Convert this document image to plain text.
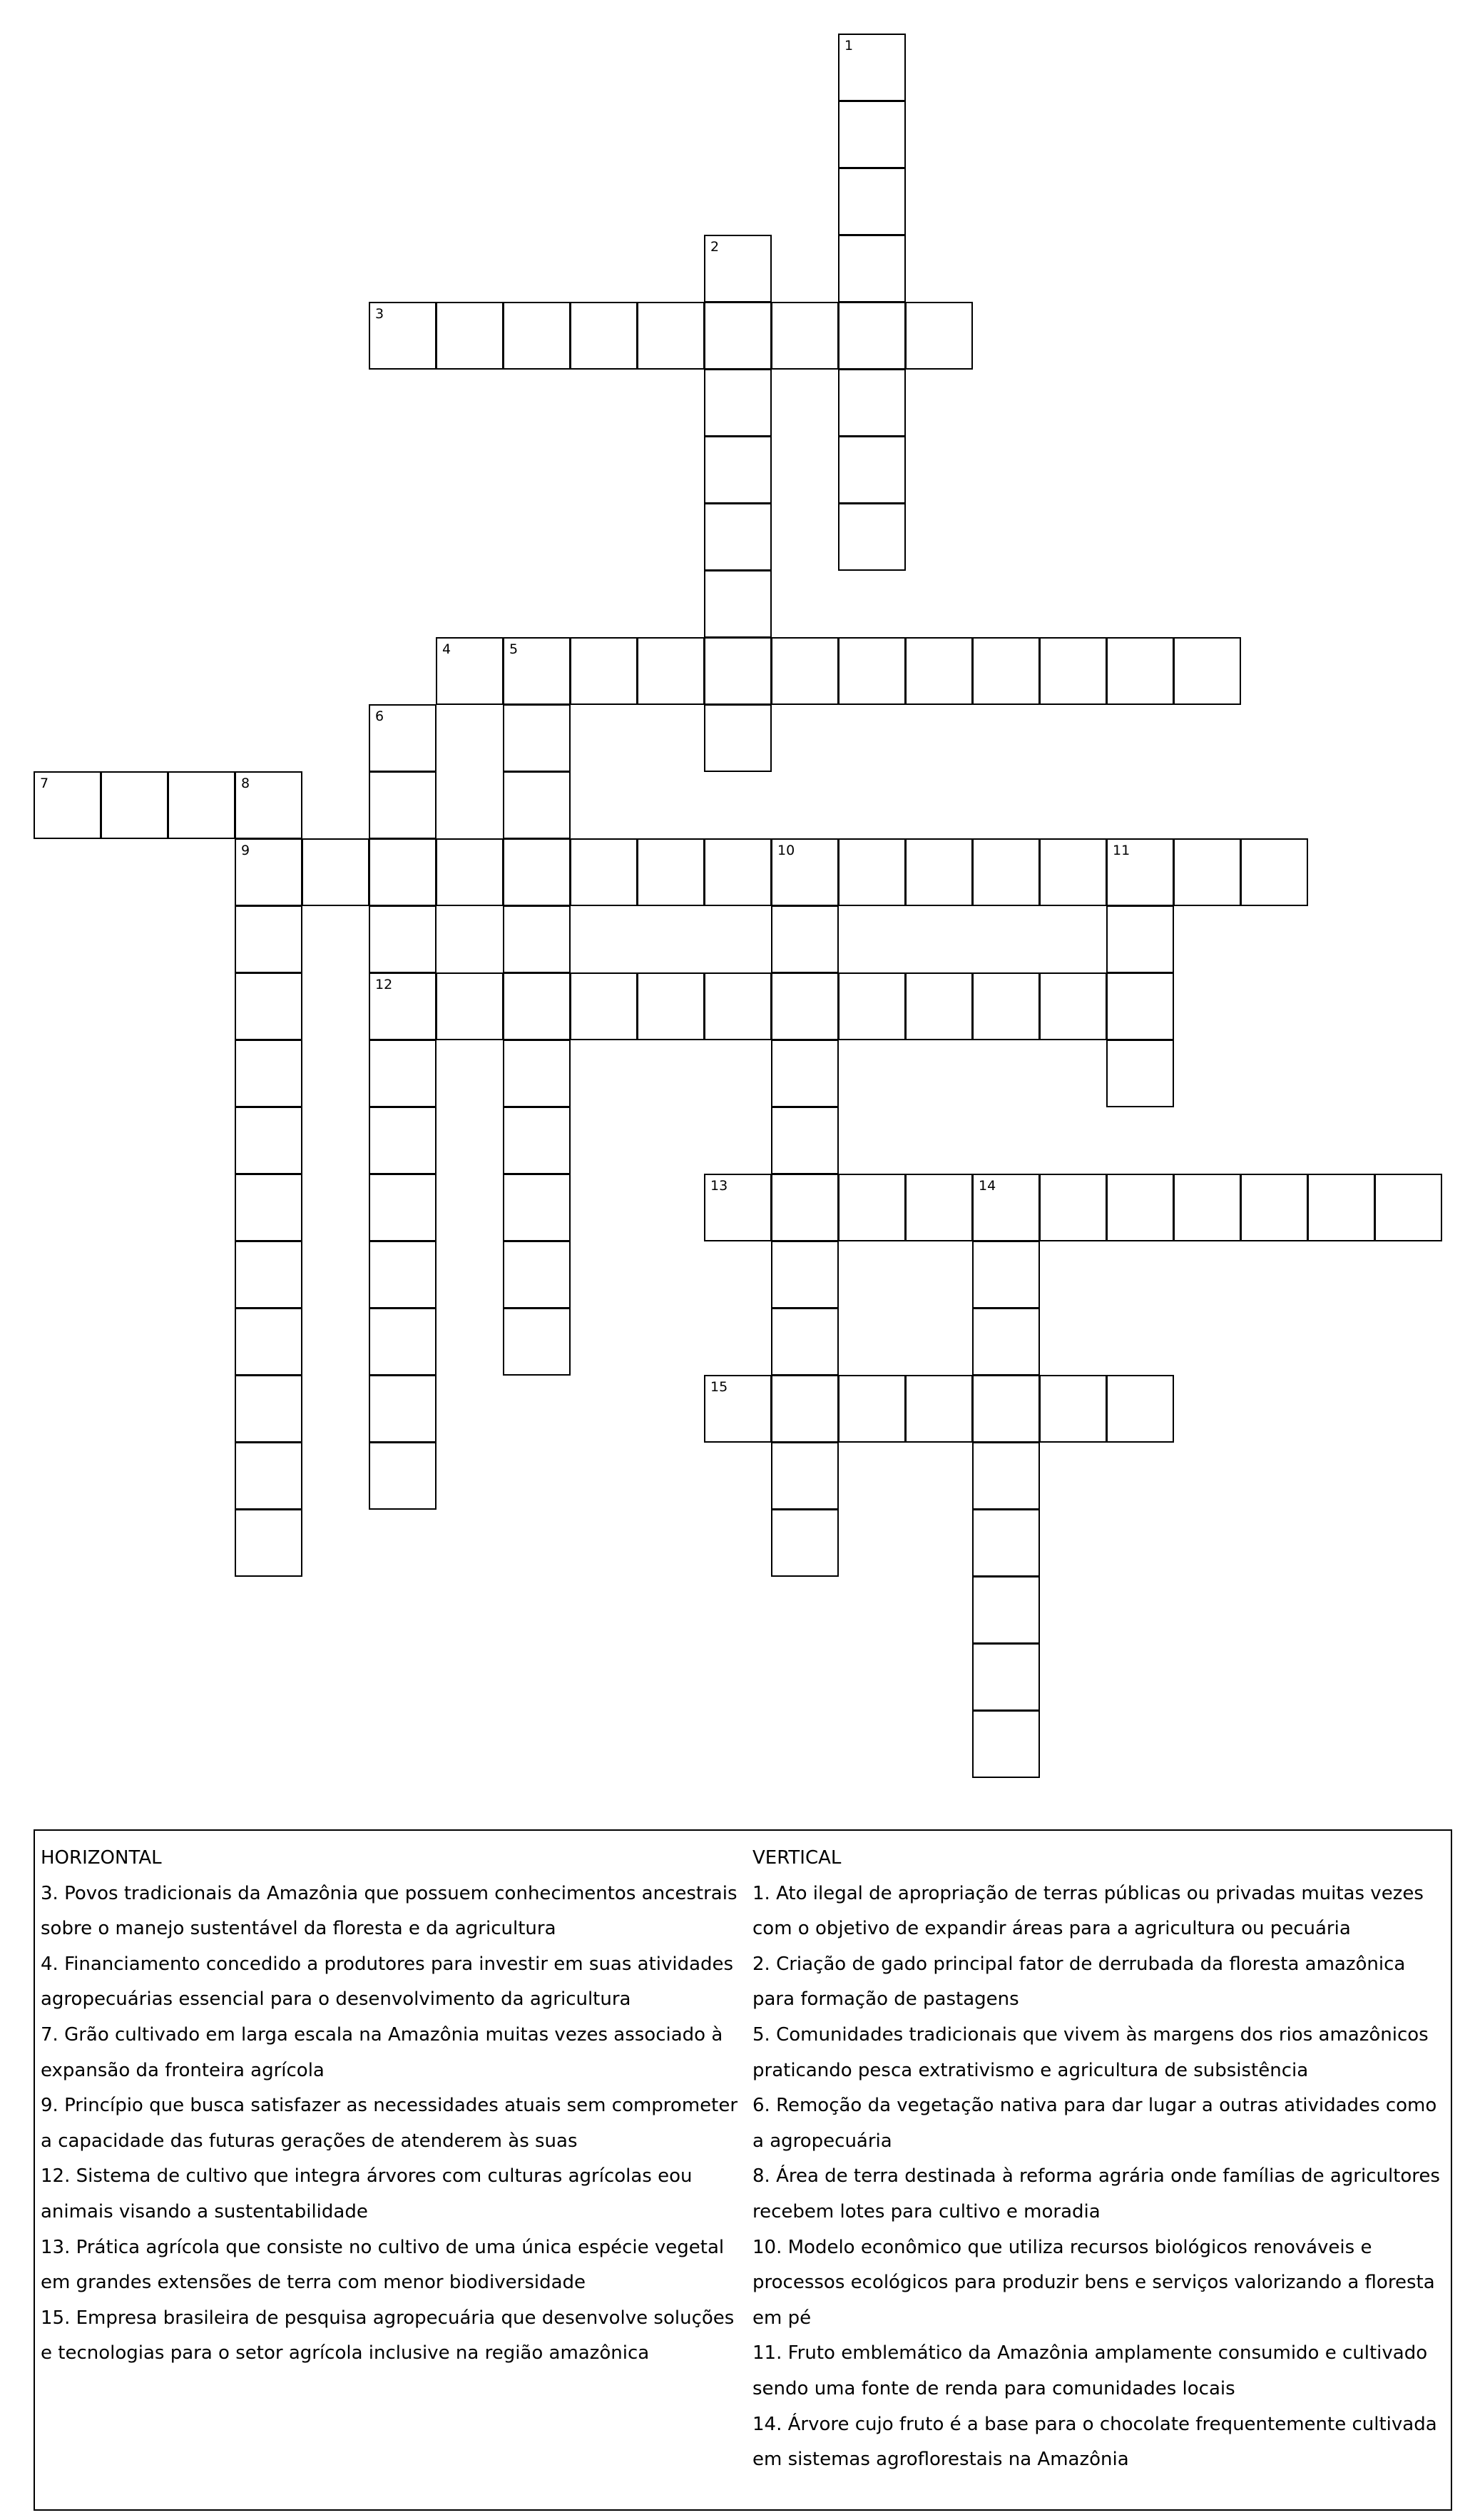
1
2
3
4	5
6
12
7	8
9	10	11
13	14
15
HORIZONTAL
3. Povos tradicionais da Amazônia que possuem conhecimentos ancestrais sobre o manejo sustentável da floresta e da agricultura
4. Financiamento concedido a produtores para investir em suas atividades agropecuárias essencial para o desenvolvimento da agricultura
7. Grão cultivado em larga escala na Amazônia muitas vezes associado à expansão da fronteira agrícola
9. Princípio que busca satisfazer as necessidades atuais sem comprometer a capacidade das futuras gerações de atenderem às suas
12. Sistema de cultivo que integra árvores com culturas agrícolas eou animais visando a sustentabilidade
13. Prática agrícola que consiste no cultivo de uma única espécie vegetal em grandes extensões de terra com menor biodiversidade
15. Empresa brasileira de pesquisa agropecuária que desenvolve soluções e tecnologias para o setor agrícola inclusive na região amazônica
VERTICAL
1. Ato ilegal de apropriação de terras públicas ou privadas muitas vezes com o objetivo de expandir áreas para a agricultura ou pecuária
2. Criação de gado principal fator de derrubada da floresta amazônica para formação de pastagens
5. Comunidades tradicionais que vivem às margens dos rios amazônicos praticando pesca extrativismo e agricultura de subsistência
6. Remoção da vegetação nativa para dar lugar a outras atividades como a agropecuária
8. Área de terra destinada à reforma agrária onde famílias de agricultores recebem lotes para cultivo e moradia
10. Modelo econômico que utiliza recursos biológicos renováveis e processos ecológicos para produzir bens e serviços valorizando a floresta em pé
11. Fruto emblemático da Amazônia amplamente consumido e cultivado sendo uma fonte de renda para comunidades locais
14. Árvore cujo fruto é a base para o chocolate frequentemente cultivada em sistemas agroflorestais na Amazônia
